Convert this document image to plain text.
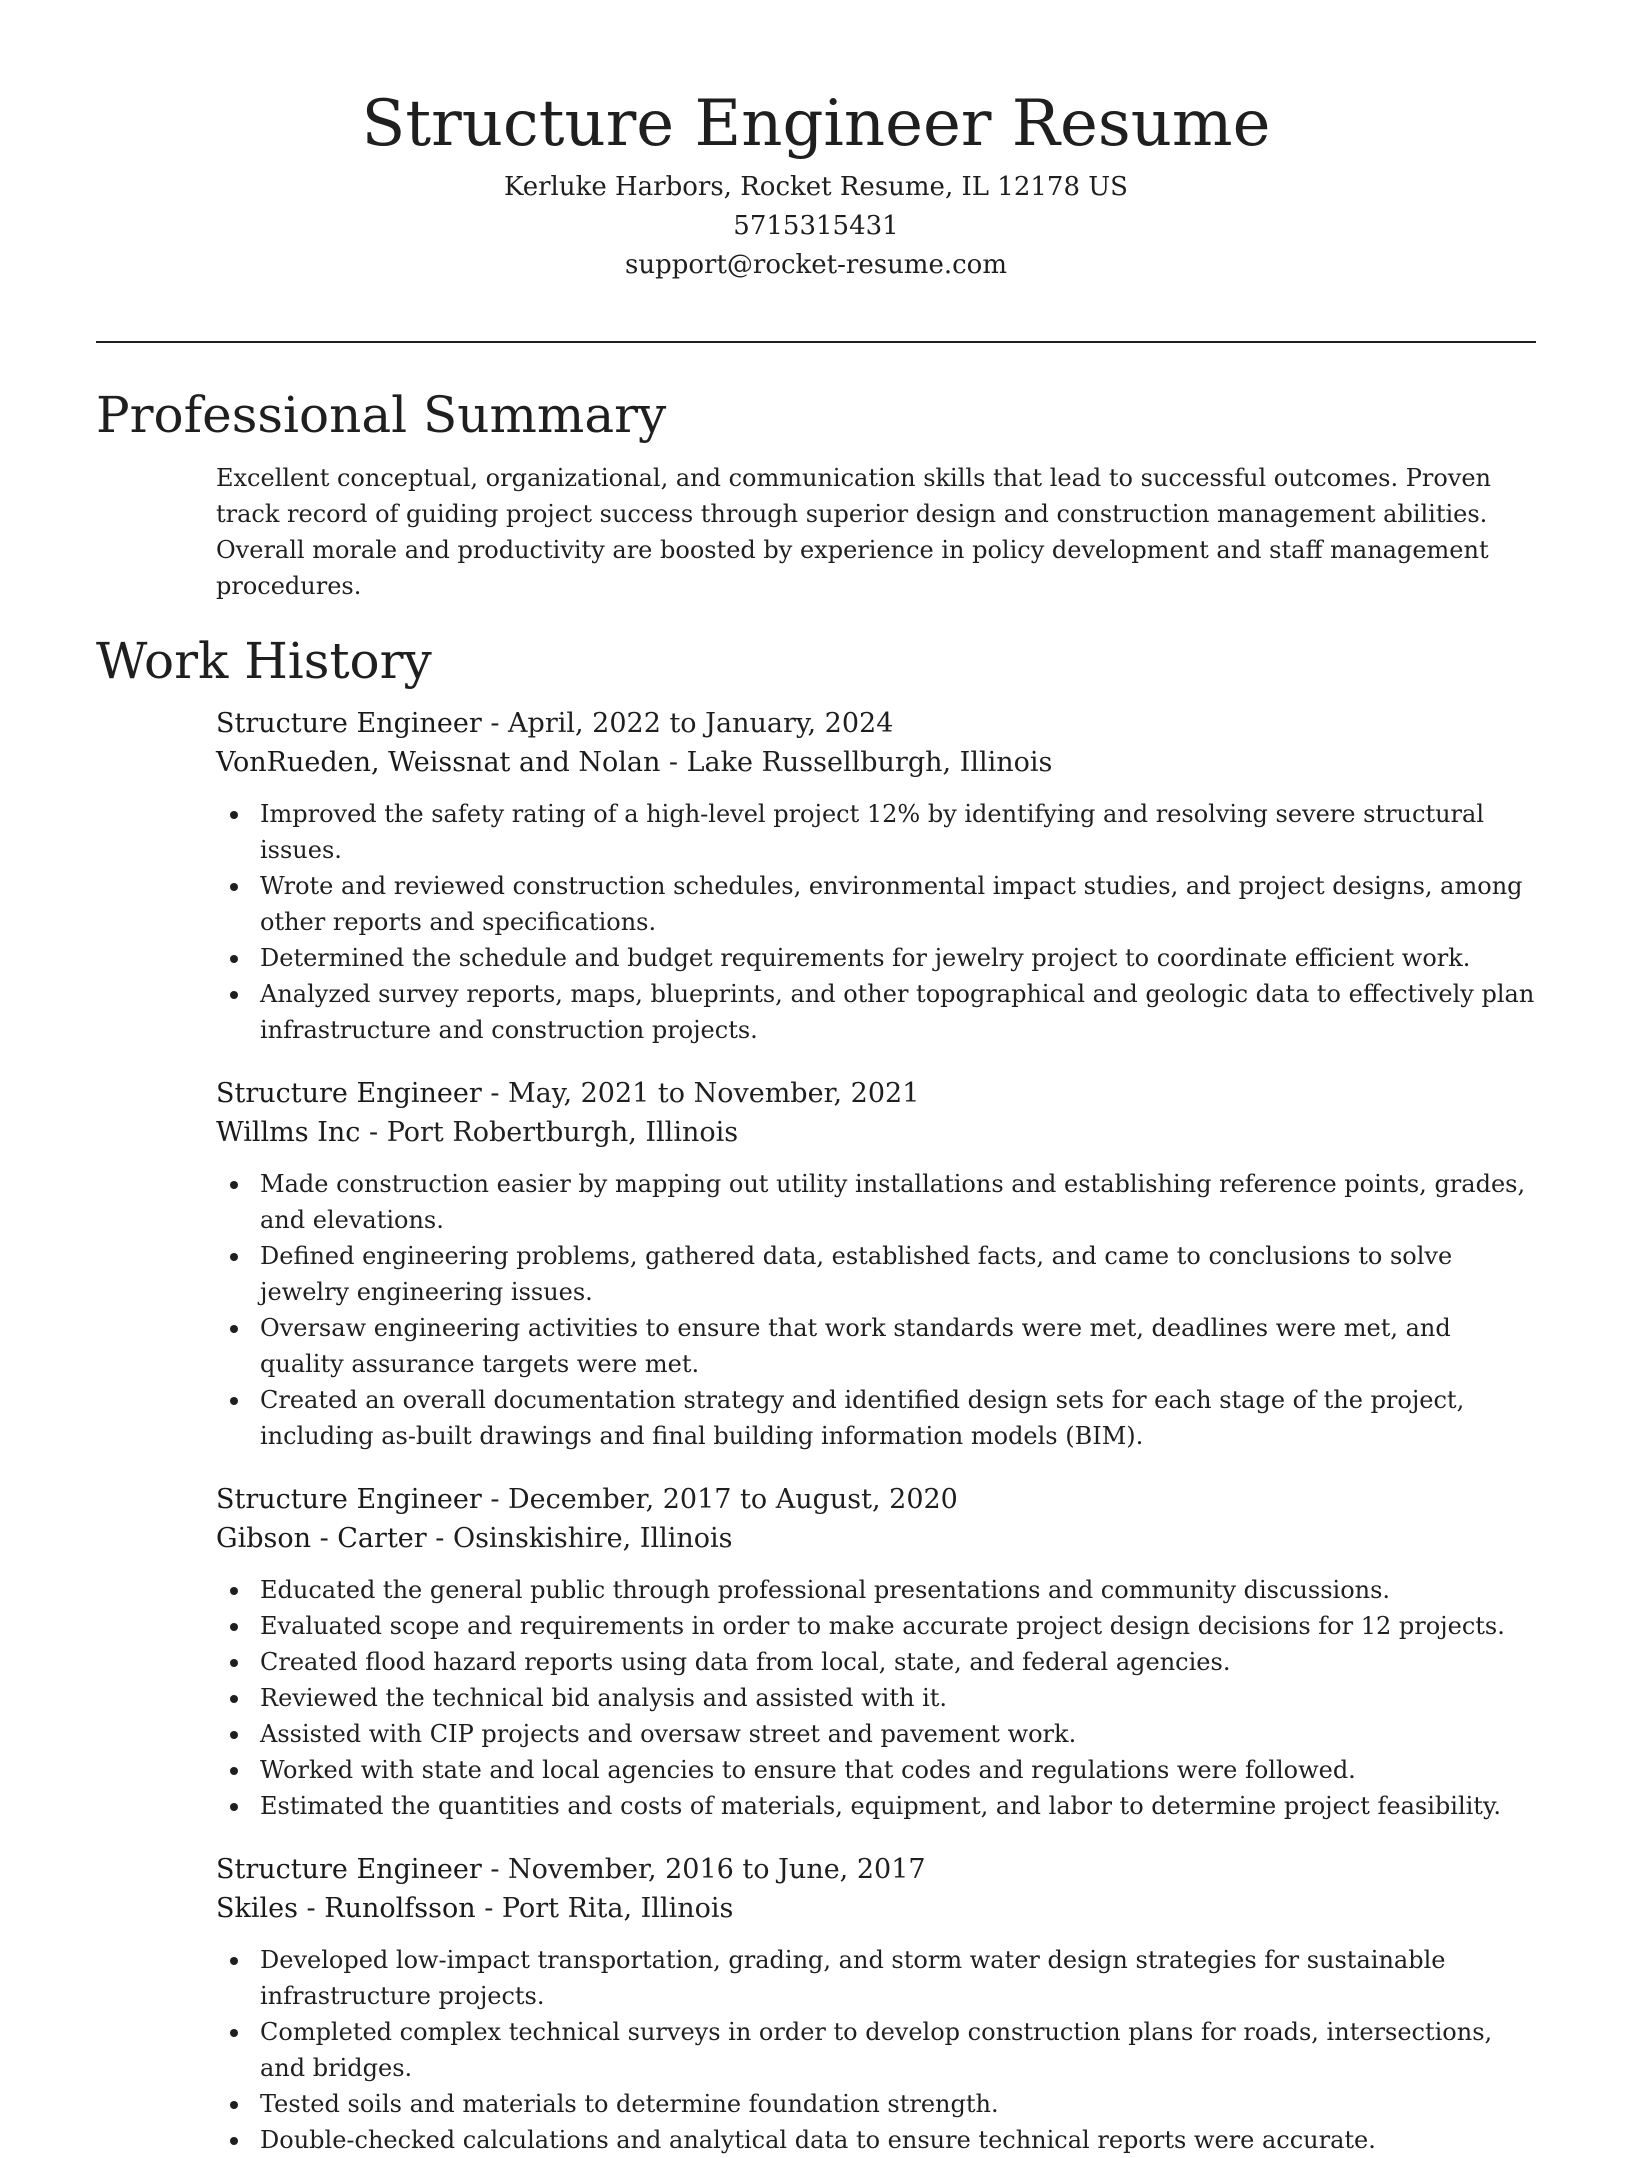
Structure Engineer Resume

Kerluke Harbors, Rocket Resume, IL 12178 US

5715315431

support@rocket-resume.com

Professional Summary

Excellent conceptual, organizational, and communication skills that lead to successful outcomes. Proven track record of guiding project success through superior design and construction management abilities. Overall morale and productivity are boosted by experience in policy development and staff management procedures.

Work History

Structure Engineer - April, 2022 to January, 2024

VonRueden, Weissnat and Nolan - Lake Russellburgh, Illinois

Improved the safety rating of a high-level project 12% by identifying and resolving severe structural issues.
Wrote and reviewed construction schedules, environmental impact studies, and project designs, among other reports and specifications.
Determined the schedule and budget requirements for jewelry project to coordinate efficient work.
Analyzed survey reports, maps, blueprints, and other topographical and geologic data to effectively plan infrastructure and construction projects.

Structure Engineer - May, 2021 to November, 2021

Willms Inc - Port Robertburgh, Illinois

Made construction easier by mapping out utility installations and establishing reference points, grades, and elevations.
Defined engineering problems, gathered data, established facts, and came to conclusions to solve jewelry engineering issues.
Oversaw engineering activities to ensure that work standards were met, deadlines were met, and quality assurance targets were met.
Created an overall documentation strategy and identified design sets for each stage of the project, including as-built drawings and final building information models (BIM).

Structure Engineer - December, 2017 to August, 2020

Gibson - Carter - Osinskishire, Illinois

Educated the general public through professional presentations and community discussions.
Evaluated scope and requirements in order to make accurate project design decisions for 12 projects.
Created flood hazard reports using data from local, state, and federal agencies.
Reviewed the technical bid analysis and assisted with it.
Assisted with CIP projects and oversaw street and pavement work.
Worked with state and local agencies to ensure that codes and regulations were followed.
Estimated the quantities and costs of materials, equipment, and labor to determine project feasibility.

Structure Engineer - November, 2016 to June, 2017

Skiles - Runolfsson - Port Rita, Illinois

Developed low-impact transportation, grading, and storm water design strategies for sustainable infrastructure projects.
Completed complex technical surveys in order to develop construction plans for roads, intersections, and bridges.
Tested soils and materials to determine foundation strength.
Double-checked calculations and analytical data to ensure technical reports were accurate.
